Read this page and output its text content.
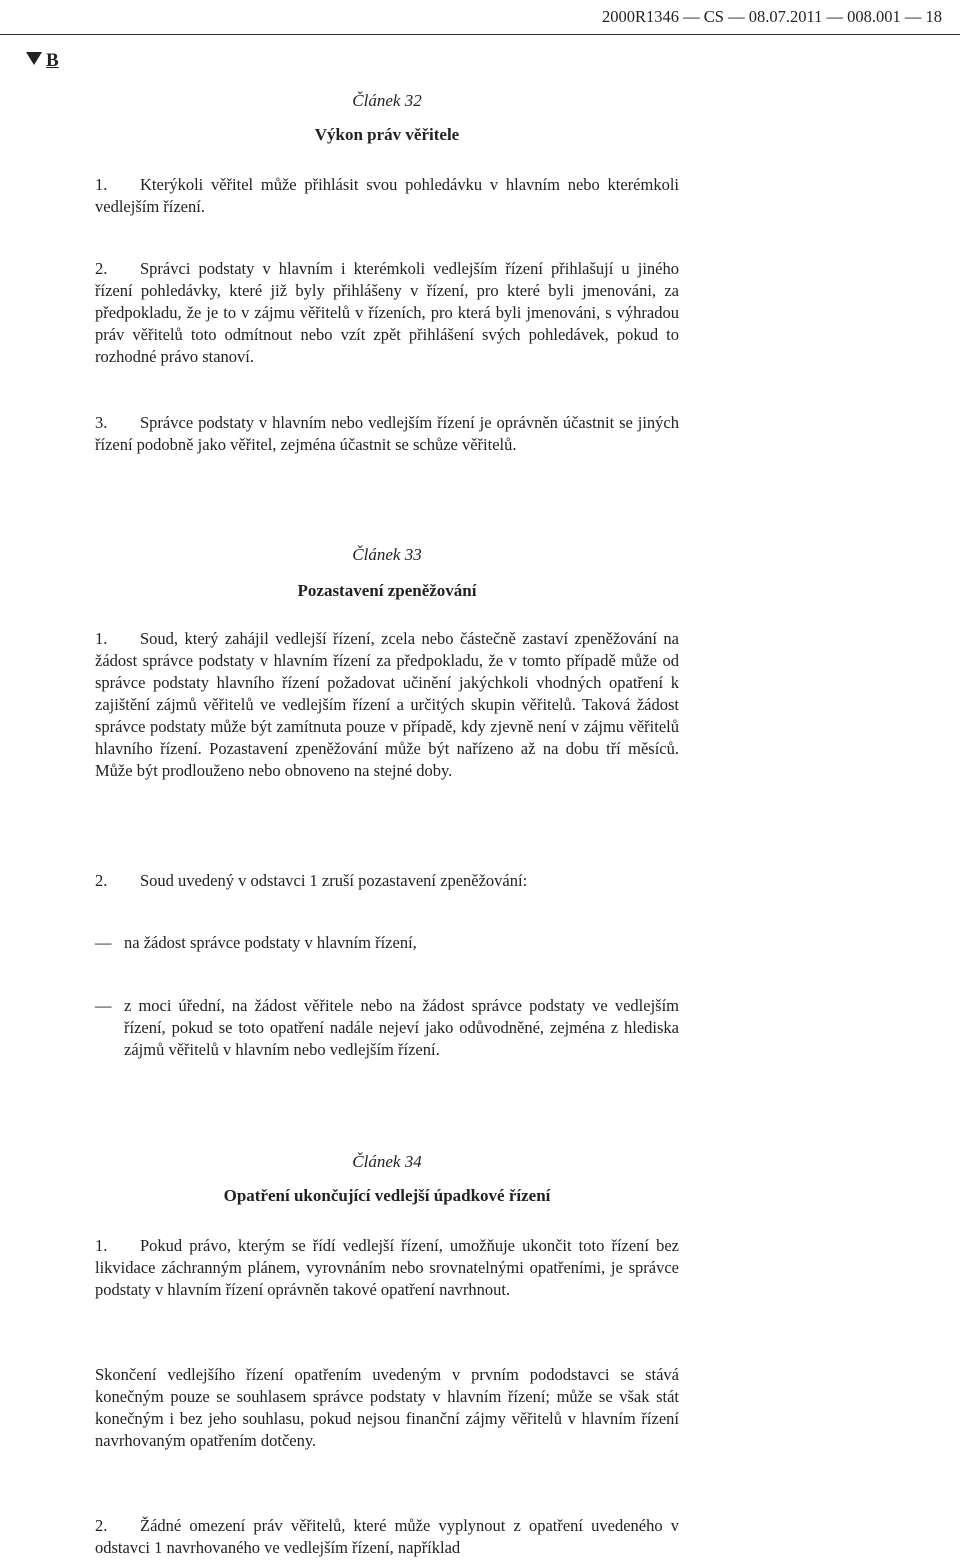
2000R1346 — CS — 08.07.2011 — 008.001 — 18
B
Článek 32
Výkon práv věřitele

1. Kterýkoli věřitel může přihlásit svou pohledávku v hlavním nebo kterémkoli vedlejším řízení.

2. Správci podstaty v hlavním i kterémkoli vedlejším řízení přihlašují u jiného řízení pohledávky, které již byly přihlášeny v řízení, pro které byli jmenováni, za předpokladu, že je to v zájmu věřitelů v řízeních, pro která byli jmenováni, s výhradou práv věřitelů toto odmítnout nebo vzít zpět přihlášení svých pohledávek, pokud to rozhodné právo stanoví.

3. Správce podstaty v hlavním nebo vedlejším řízení je oprávněn účastnit se jiných řízení podobně jako věřitel, zejména účastnit se schůze věřitelů.

Článek 33
Pozastavení zpeněžování

1. Soud, který zahájil vedlejší řízení, zcela nebo částečně zastaví zpeněžování na žádost správce podstaty v hlavním řízení za předpokladu, že v tomto případě může od správce podstaty hlavního řízení požadovat učinění jakýchkoli vhodných opatření k zajištění zájmů věřitelů ve vedlejším řízení a určitých skupin věřitelů. Taková žádost správce podstaty může být zamítnuta pouze v případě, kdy zjevně není v zájmu věřitelů hlavního řízení. Pozastavení zpeněžování může být nařízeno až na dobu tří měsíců. Může být prodlouženo nebo obnoveno na stejné doby.

2. Soud uvedený v odstavci 1 zruší pozastavení zpeněžování:

— na žádost správce podstaty v hlavním řízení,

— z moci úřední, na žádost věřitele nebo na žádost správce podstaty ve vedlejším řízení, pokud se toto opatření nadále nejeví jako odůvodněné, zejména z hlediska zájmů věřitelů v hlavním nebo vedlejším řízení.

Článek 34
Opatření ukončující vedlejší úpadkové řízení

1. Pokud právo, kterým se řídí vedlejší řízení, umožňuje ukončit toto řízení bez likvidace záchranným plánem, vyrovnáním nebo srovnatelnými opatřeními, je správce podstaty v hlavním řízení oprávněn takové opatření navrhnout.

Skončení vedlejšího řízení opatřením uvedeným v prvním pododstavci se stává konečným pouze se souhlasem správce podstaty v hlavním řízení; může se však stát konečným i bez jeho souhlasu, pokud nejsou finanční zájmy věřitelů v hlavním řízení navrhovaným opatřením dotčeny.

2. Žádné omezení práv věřitelů, které může vyplynout z opatření uvedeného v odstavci 1 navrhovaného ve vedlejším řízení, například
